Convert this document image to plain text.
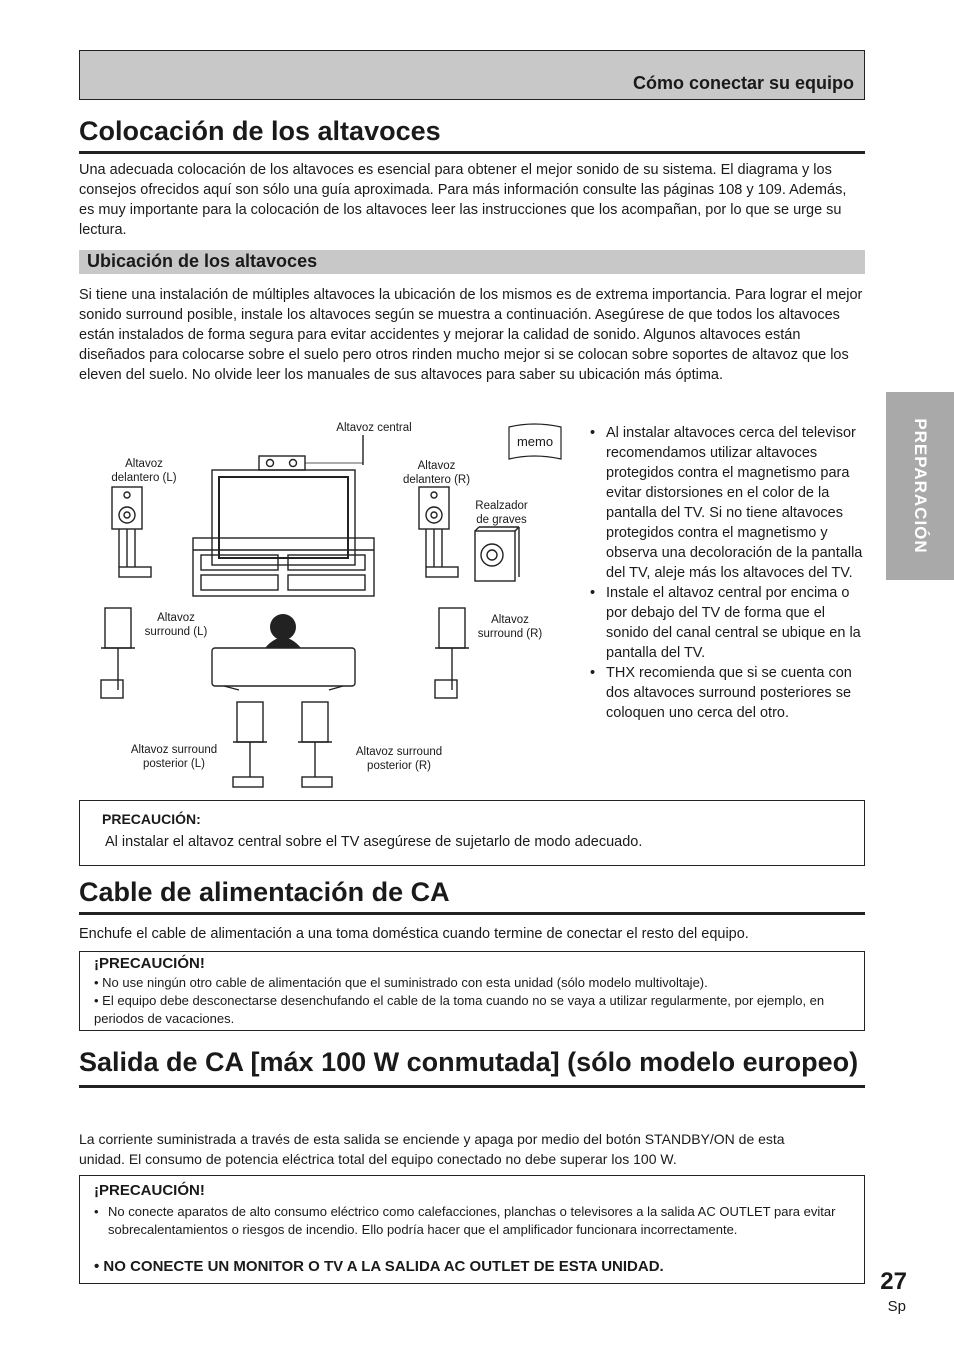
Cómo conectar su equipo
PREPARACIÓN
Colocación de los altavoces

Una adecuada colocación de los altavoces es esencial para obtener el mejor sonido de su sistema. El diagrama y los consejos ofrecidos aquí son sólo una guía aproximada. Para más información consulte las páginas 108 y 109. Además, es muy importante para la colocación de los altavoces leer las instrucciones que los acompañan, por lo que se urge su lectura.

Ubicación de los altavoces

Si tiene una instalación de múltiples altavoces la ubicación de los mismos es de extrema importancia. Para lograr el mejor sonido surround posible, instale los altavoces según se muestra a continuación. Asegúrese de que todos los altavoces están instalados de forma segura para evitar accidentes y mejorar la calidad de sonido. Algunos altavoces están diseñados para colocarse sobre el suelo pero otros rinden mucho mejor si se colocan sobre soportes de altavoz que los eleven del suelo. No olvide leer los manuales de sus altavoces para saber su ubicación más óptima.

Altavoz central
Altavoz
delantero (L)
Altavoz
delantero (R)
Realzador
de graves
Altavoz
surround (L)
Altavoz
surround (R)
Altavoz surround
posterior (L)
Altavoz surround
posterior (R)
memo
• Al instalar altavoces cerca del televisor recomendamos utilizar altavoces protegidos contra el magnetismo para evitar distorsiones en el color de la pantalla del TV. Si no tiene altavoces protegidos contra el magnetismo y observa una decoloración de la pantalla del TV, aleje más los altavoces del TV.
• Instale el altavoz central por encima o por debajo del TV de forma que el sonido del canal central se ubique en la pantalla del TV.
• THX recomienda que si se cuenta con dos altavoces surround posteriores se coloquen uno cerca del otro.
PRECAUCIÓN:
Al instalar el altavoz central sobre el TV asegúrese de sujetarlo de modo adecuado.
Cable de alimentación de CA

Enchufe el cable de alimentación a una toma doméstica cuando termine de conectar el resto del equipo.

¡PRECAUCIÓN!
• No use ningún otro cable de alimentación que el suministrado con esta unidad (sólo modelo multivoltaje).
• El equipo debe desconectarse desenchufando el cable de la toma cuando no se vaya a utilizar regularmente, por ejemplo, en periodos de vacaciones.
Salida de CA [máx 100 W conmutada] (sólo modelo europeo)

La corriente suministrada a través de esta salida se enciende y apaga por medio del botón STANDBY/ON de esta unidad. El consumo de potencia eléctrica total del equipo conectado no debe superar los 100 W.

¡PRECAUCIÓN!
• No conecte aparatos de alto consumo eléctrico como calefacciones, planchas o televisores a la salida AC OUTLET para evitar sobrecalentamientos o riesgos de incendio. Ello podría hacer que el amplificador funcionara incorrectamente.
• NO CONECTE UN MONITOR O TV A LA SALIDA AC OUTLET DE ESTA UNIDAD.
27
Sp
